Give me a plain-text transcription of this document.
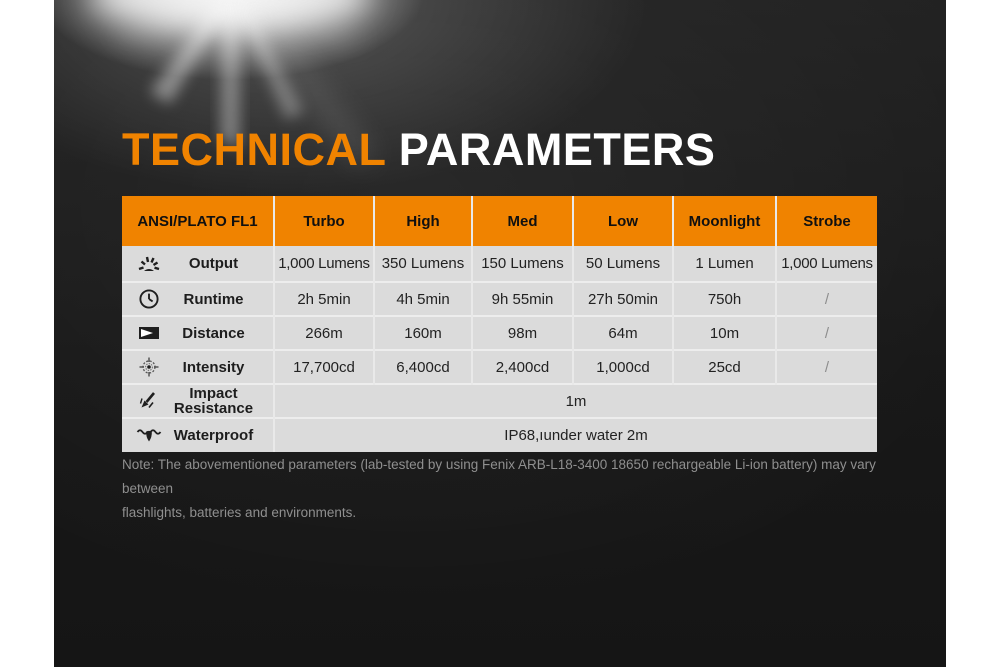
TECHNICAL PARAMETERS
ANSI/PLATO FL1	Turbo	High	Med	Low	Moonlight	Strobe

Output	1,000 Lumens	350 Lumens	150 Lumens	50 Lumens	1 Lumen	1,000 Lumens

Runtime	2h 5min	4h 5min	9h 55min	27h 50min	750h	/

Distance	266m	160m	98m	64m	10m	/

Intensity	17,700cd	6,400cd	2,400cd	1,000cd	25cd	/

Impact Resistance	1m					

Waterproof	IP68,ıunder water 2m					

Note: The abovementioned parameters (lab-tested by using Fenix ARB-L18-3400 18650 rechargeable Li-ion battery) may vary between
flashlights, batteries and environments.
